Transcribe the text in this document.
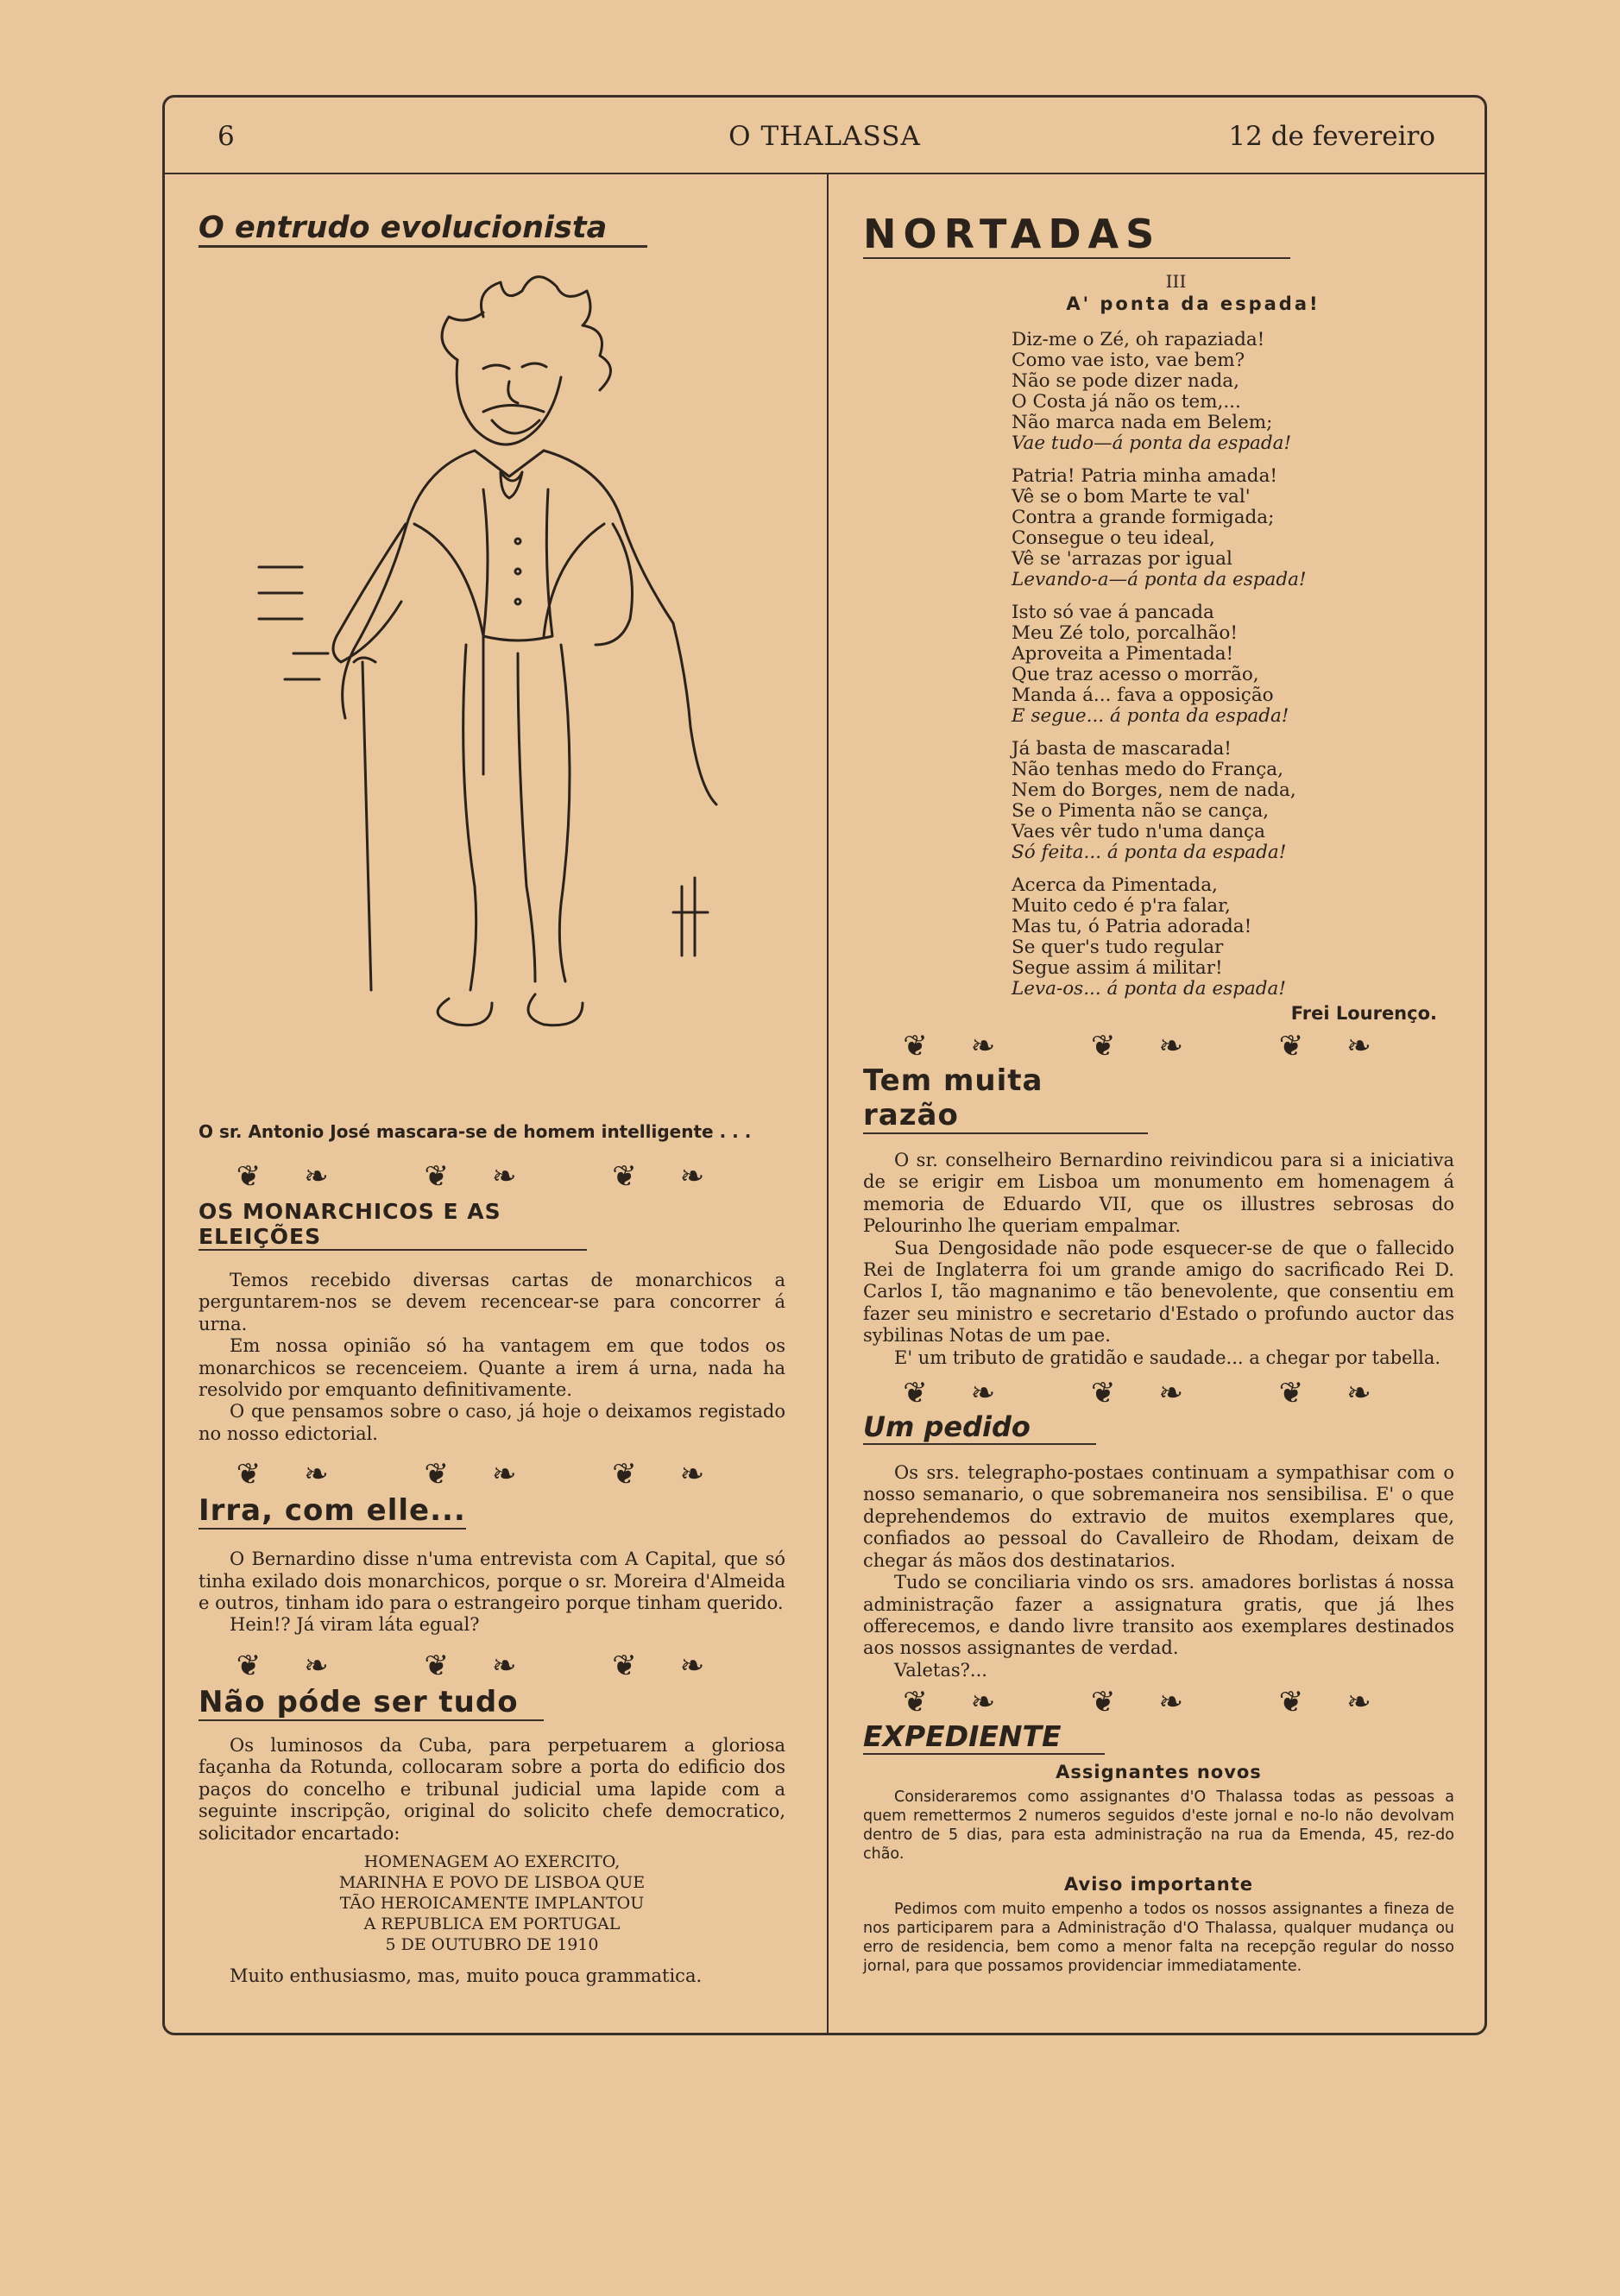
6	O THALASSA	12 de fevereiro
O entrudo evolucionista

O sr. Antonio José mascara-se de homem intelligente . . .

❦❧ ❦❧ ❦❧
OS MONARCHICOS E AS ELEIÇÕES

Temos recebido diversas cartas de monarchicos a perguntarem-nos se devem recencear-se para concorrer á urna.

Em nossa opinião só ha vantagem em que todos os monarchicos se recenceiem. Quante a irem á urna, nada ha resolvido por emquanto definitivamente.

O que pensamos sobre o caso, já hoje o deixamos registado no nosso edictorial.

❦❧ ❦❧ ❦❧
Irra, com elle...

O Bernardino disse n'uma entrevista com A Capital, que só tinha exilado dois monarchicos, porque o sr. Moreira d'Almeida e outros, tinham ido para o estrangeiro porque tinham querido.

Hein!? Já viram láta egual?

❦❧ ❦❧ ❦❧
Não póde ser tudo

Os luminosos da Cuba, para perpetuarem a gloriosa façanha da Rotunda, collocaram sobre a porta do edificio dos paços do concelho e tribunal judicial uma lapide com a seguinte inscripção, original do solicito chefe democratico, solicitador encartado:

HOMENAGEM AO EXERCITO,
MARINHA E POVO DE LISBOA QUE
TÃO HEROICAMENTE IMPLANTOU
A REPUBLICA EM PORTUGAL
5 DE OUTUBRO DE 1910

Muito enthusiasmo, mas, muito pouca grammatica.

NORTADAS
III
A' ponta da espada!
Diz-me o Zé, oh rapaziada!
Como vae isto, vae bem?
Não se pode dizer nada,
O Costa já não os tem,...
Não marca nada em Belem;
Vae tudo—á ponta da espada!
Patria! Patria minha amada!
Vê se o bom Marte te val'
Contra a grande formigada;
Consegue o teu ideal,
Vê se 'arrazas por igual
Levando-a—á ponta da espada!
Isto só vae á pancada
Meu Zé tolo, porcalhão!
Aproveita a Pimentada!
Que traz acesso o morrão,
Manda á... fava a opposição
E segue... á ponta da espada!
Já basta de mascarada!
Não tenhas medo do França,
Nem do Borges, nem de nada,
Se o Pimenta não se cança,
Vaes vêr tudo n'uma dança
Só feita... á ponta da espada!
Acerca da Pimentada,
Muito cedo é p'ra falar,
Mas tu, ó Patria adorada!
Se quer's tudo regular
Segue assim á militar!
Leva-os... á ponta da espada!
Frei Lourenço.
❦❧ ❦❧ ❦❧
Tem muita razão

O sr. conselheiro Bernardino reivindicou para si a iniciativa de se erigir em Lisboa um monumento em homenagem á memoria de Eduardo VII, que os illustres sebrosas do Pelourinho lhe queriam empalmar.

Sua Dengosidade não pode esquecer-se de que o fallecido Rei de Inglaterra foi um grande amigo do sacrificado Rei D. Carlos I, tão magnanimo e tão benevolente, que consentiu em fazer seu ministro e secretario d'Estado o profundo auctor das sybilinas Notas de um pae.

E' um tributo de gratidão e saudade... a chegar por tabella.

❦❧ ❦❧ ❦❧
Um pedido

Os srs. telegrapho-postaes continuam a sympathisar com o nosso semanario, o que sobremaneira nos sensibilisa. E' o que deprehendemos do extravio de muitos exemplares que, confiados ao pessoal do Cavalleiro de Rhodam, deixam de chegar ás mãos dos destinatarios.

Tudo se conciliaria vindo os srs. amadores borlistas á nossa administração fazer a assignatura gratis, que já lhes offerecemos, e dando livre transito aos exemplares destinados aos nossos assignantes de verdad.

Valetas?...

❦❧ ❦❧ ❦❧
EXPEDIENTE
Assignantes novos

Consideraremos como assignantes d'O Thalassa todas as pessoas a quem remettermos 2 numeros seguidos d'este jornal e no-lo não devolvam dentro de 5 dias, para esta administração na rua da Emenda, 45, rez-do chão.

Aviso importante

Pedimos com muito empenho a todos os nossos assignantes a fineza de nos participarem para a Administração d'O Thalassa, qualquer mudança ou erro de residencia, bem como a menor falta na recepção regular do nosso jornal, para que possamos providenciar immediatamente.
